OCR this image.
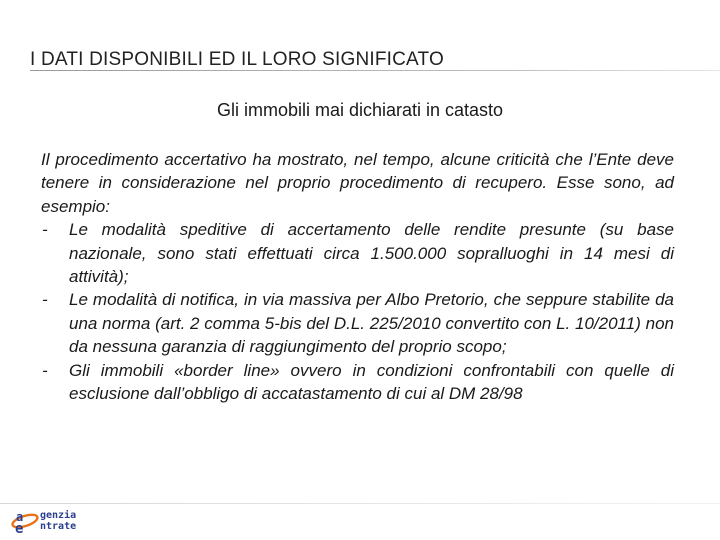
I DATI DISPONIBILI ED IL LORO SIGNIFICATO
Gli immobili mai dichiarati in catasto

Il procedimento accertativo ha mostrato, nel tempo, alcune criticità che l’Ente deve tenere in considerazione nel proprio procedimento di recupero. Esse sono, ad esempio:

- Le modalità speditive di accertamento delle rendite presunte (su base nazionale, sono stati effettuati circa 1.500.000 sopralluoghi in 14 mesi di attività);
- Le modalità di notifica, in via massiva per Albo Pretorio, che seppure stabilite da una norma (art. 2 comma 5-bis del D.L. 225/2010 convertito con L. 10/2011) non da nessuna garanzia di raggiungimento del proprio scopo;
- Gli immobili «border line» ovvero in condizioni confrontabili con quelle di esclusione dall’obbligo di accatastamento di cui al DM 28/98
a
e
genzia
ntrate
